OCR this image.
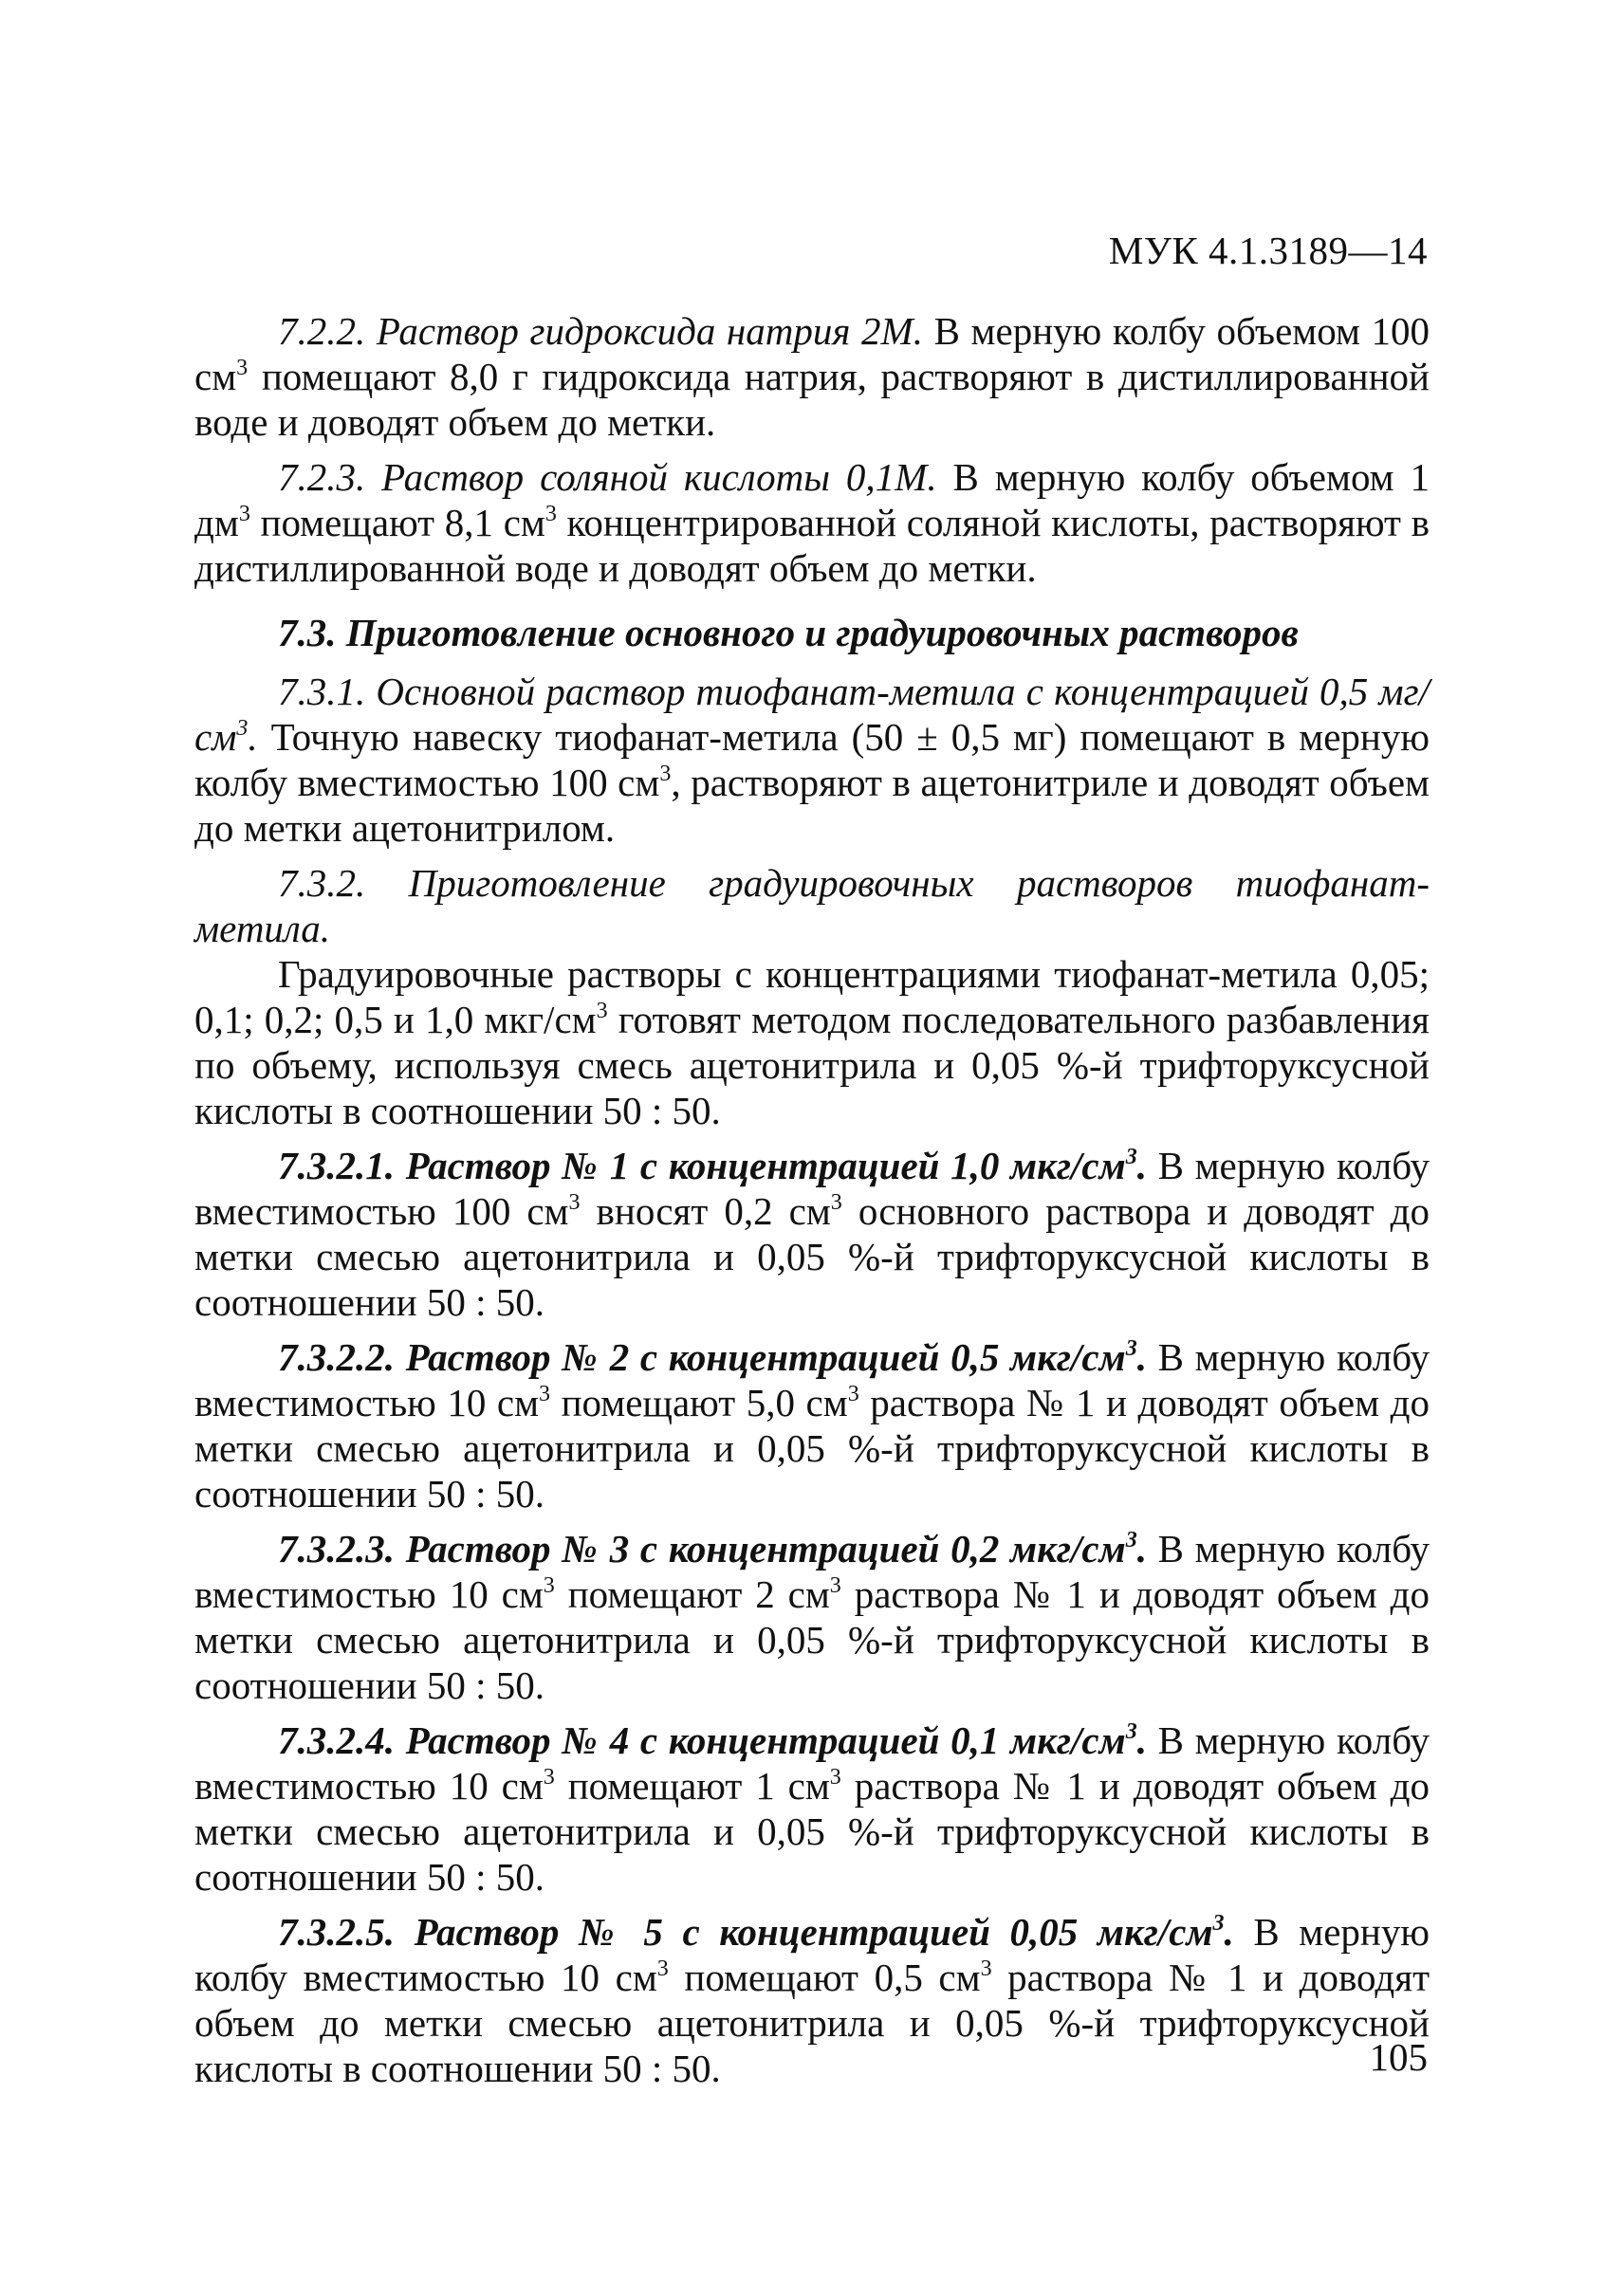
МУК 4.1.3189—14

7.2.2. Раствор гидроксида натрия 2М. В мерную колбу объемом 100 $см^3$ помещают 8,0 г гидроксида натрия, растворяют в дистиллированной воде и доводят объем до метки.

7.2.3. Раствор соляной кислоты 0,1М. В мерную колбу объемом 1 $дм^3$ помещают 8,1 $см^3$ концентрированной соляной кислоты, растворяют в дистиллированной воде и доводят объем до метки.

7.3. Приготовление основного и градуировочных растворов

7.3.1. Основной раствор тиофанат-метила с концентрацией 0,5 $мг/см^3$. Точную навеску тиофанат-метила (50 ± 0,5 мг) помещают в мерную колбу вместимостью 100 $см^3$, растворяют в ацетонитриле и доводят объем до метки ацетонитрилом.

7.3.2. Приготовление градуировочных растворов тиофанат-метила.

Градуировочные растворы с концентрациями тиофанат-метила 0,05; 0,1; 0,2; 0,5 и 1,0 мкг/$см^3$ готовят методом последовательного разбавления по объему, используя смесь ацетонитрила и 0,05 %-й трифторуксусной кислоты в соотношении 50 : 50.

7.3.2.1. Раствор № 1 с концентрацией 1,0 мкг/$см^3$. В мерную колбу вместимостью 100 $см^3$ вносят 0,2 $см^3$ основного раствора и доводят до метки смесью ацетонитрила и 0,05 %-й трифторуксусной кислоты в соотношении 50 : 50.

7.3.2.2. Раствор № 2 с концентрацией 0,5 мкг/$см^3$. В мерную колбу вместимостью 10 $см^3$ помещают 5,0 $см^3$ раствора № 1 и доводят объем до метки смесью ацетонитрила и 0,05 %-й трифторуксусной кислоты в соотношении 50 : 50.

7.3.2.3. Раствор № 3 с концентрацией 0,2 мкг/$см^3$. В мерную колбу вместимостью 10 $см^3$ помещают 2 $см^3$ раствора № 1 и доводят объем до метки смесью ацетонитрила и 0,05 %-й трифторуксусной кислоты в соотношении 50 : 50.

7.3.2.4. Раствор № 4 с концентрацией 0,1 мкг/$см^3$. В мерную колбу вместимостью 10 $см^3$ помещают 1 $см^3$ раствора № 1 и доводят объем до метки смесью ацетонитрила и 0,05 %-й трифторуксусной кислоты в соотношении 50 : 50.

7.3.2.5. Раствор № 5 с концентрацией 0,05 мкг/$см^3$. В мерную колбу вместимостью 10 $см^3$ помещают 0,5 $см^3$ раствора № 1 и доводят объем до метки смесью ацетонитрила и 0,05 %-й трифторуксусной кислоты в соотношении 50 : 50.	105
